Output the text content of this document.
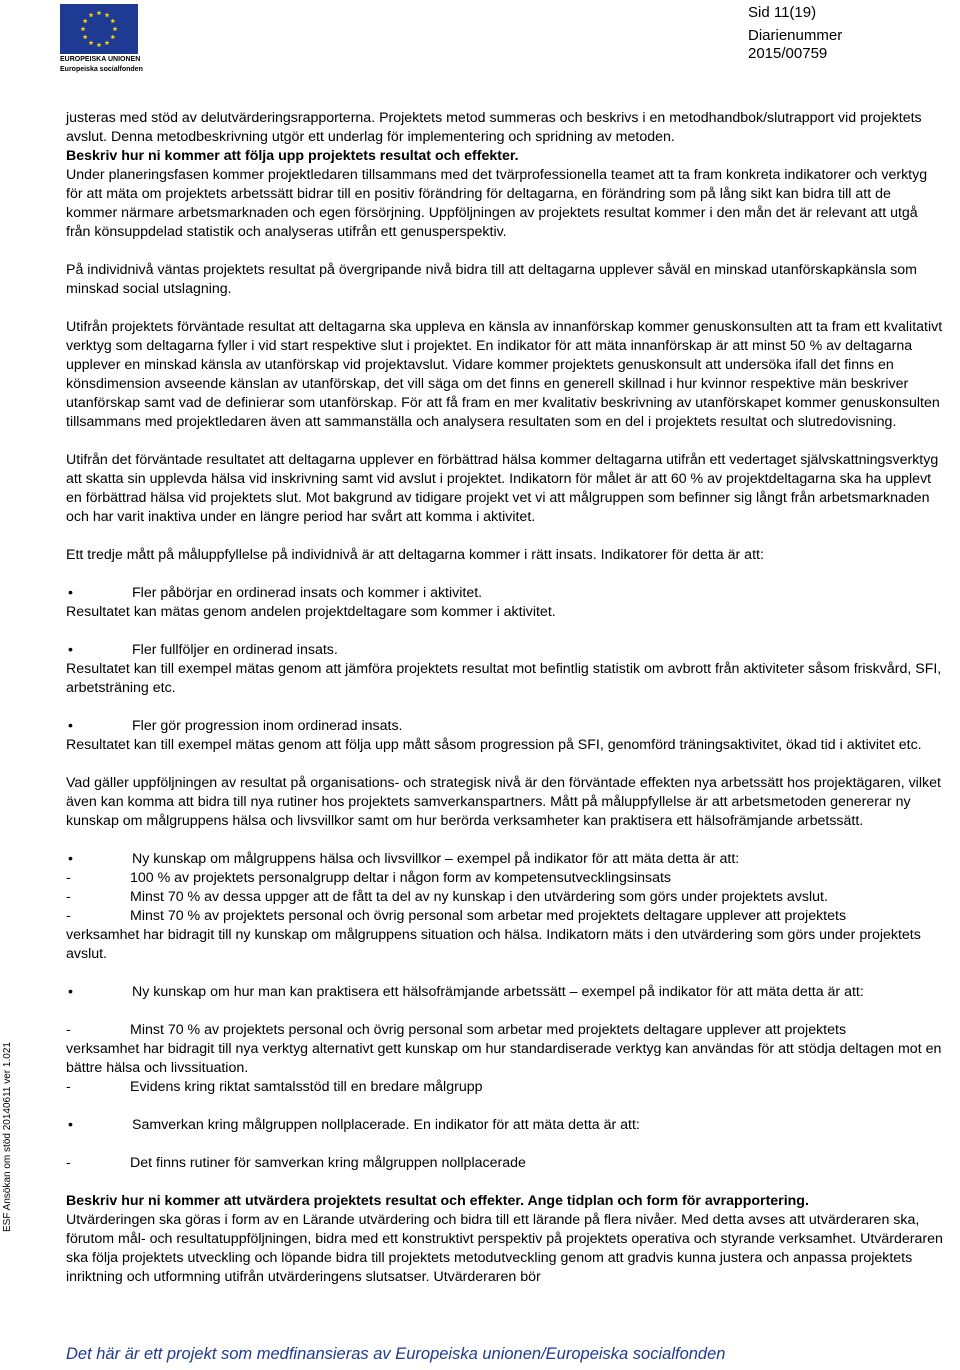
EUROPEISKA UNIONEN
Europeiska socialfonden
Sid 11(19)
Diarienummer
2015/00759
ESF Ansökan om stöd 20140611 ver 1.021

justeras med stöd av delutvärderingsrapporterna. Projektets metod summeras och beskrivs i en metodhandbok/slutrapport vid projektets avslut. Denna metodbeskrivning utgör ett underlag för implementering och spridning av metoden.

Beskriv hur ni kommer att följa upp projektets resultat och effekter.

Under planeringsfasen kommer projektledaren tillsammans med det tvärprofessionella teamet att ta fram konkreta indikatorer och verktyg för att mäta om projektets arbetssätt bidrar till en positiv förändring för deltagarna, en förändring som på lång sikt kan bidra till att de kommer närmare arbetsmarknaden och egen försörjning. Uppföljningen av projektets resultat kommer i den mån det är relevant att utgå från könsuppdelad statistik och analyseras utifrån ett genusperspektiv.

På individnivå väntas projektets resultat på övergripande nivå bidra till att deltagarna upplever såväl en minskad utanförskapkänsla som minskad social utslagning.

Utifrån projektets förväntade resultat att deltagarna ska uppleva en känsla av innanförskap kommer genuskonsulten att ta fram ett kvalitativt verktyg som deltagarna fyller i vid start respektive slut i projektet. En indikator för att mäta innanförskap är att minst 50 % av deltagarna upplever en minskad känsla av utanförskap vid projektavslut. Vidare kommer projektets genuskonsult att undersöka ifall det finns en könsdimension avseende känslan av utanförskap, det vill säga om det finns en generell skillnad i hur kvinnor respektive män beskriver utanförskap samt vad de definierar som utanförskap. För att få fram en mer kvalitativ beskrivning av utanförskapet kommer genuskonsulten tillsammans med projektledaren även att sammanställa och analysera resultaten som en del i projektets resultat och slutredovisning.

Utifrån det förväntade resultatet att deltagarna upplever en förbättrad hälsa kommer deltagarna utifrån ett vedertaget självskattningsverktyg att skatta sin upplevda hälsa vid inskrivning samt vid avslut i projektet. Indikatorn för målet är att 60 % av projektdeltagarna ska ha upplevt en förbättrad hälsa vid projektets slut. Mot bakgrund av tidigare projekt vet vi att målgruppen som befinner sig långt från arbetsmarknaden och har varit inaktiva under en längre period har svårt att komma i aktivitet.

Ett tredje mått på måluppfyllelse på individnivå är att deltagarna kommer i rätt insats. Indikatorer för detta är att:

•	Fler påbörjar en ordinerad insats och kommer i aktivitet.

Resultatet kan mätas genom andelen projektdeltagare som kommer i aktivitet.

•	Fler fullföljer en ordinerad insats.

Resultatet kan till exempel mätas genom att jämföra projektets resultat mot befintlig statistik om avbrott från aktiviteter såsom friskvård, SFI, arbetsträning etc.

•	Fler gör progression inom ordinerad insats.

Resultatet kan till exempel mätas genom att följa upp mått såsom progression på SFI, genomförd träningsaktivitet, ökad tid i aktivitet etc.

Vad gäller uppföljningen av resultat på organisations- och strategisk nivå är den förväntade effekten nya arbetssätt hos projektägaren, vilket även kan komma att bidra till nya rutiner hos projektets samverkanspartners. Mått på måluppfyllelse är att arbetsmetoden genererar ny kunskap om målgruppens hälsa och livsvillkor samt om hur berörda verksamheter kan praktisera ett hälsofrämjande arbetssätt.

•	Ny kunskap om målgruppens hälsa och livsvillkor – exempel på indikator för att mäta detta är att:
-	100 % av projektets personalgrupp deltar i någon form av kompetensutvecklingsinsats
-	Minst 70 % av dessa uppger att de fått ta del av ny kunskap i den utvärdering som görs under projektets avslut.
-	Minst 70 % av projektets personal och övrig personal som arbetar med projektets deltagare upplever att projektets

verksamhet har bidragit till ny kunskap om målgruppens situation och hälsa. Indikatorn mäts i den utvärdering som görs under projektets avslut.

•	Ny kunskap om hur man kan praktisera ett hälsofrämjande arbetssätt – exempel på indikator för att mäta detta är att:
-	Minst 70 % av projektets personal och övrig personal som arbetar med projektets deltagare upplever att projektets

verksamhet har bidragit till nya verktyg alternativt gett kunskap om hur standardiserade verktyg kan användas för att stödja deltagen mot en bättre hälsa och livssituation.

-	Evidens kring riktat samtalsstöd till en bredare målgrupp
•	Samverkan kring målgruppen nollplacerade. En indikator för att mäta detta är att:
-	Det finns rutiner för samverkan kring målgruppen nollplacerade

Beskriv hur ni kommer att utvärdera projektets resultat och effekter. Ange tidplan och form för avrapportering.

Utvärderingen ska göras i form av en Lärande utvärdering och bidra till ett lärande på flera nivåer. Med detta avses att utvärderaren ska, förutom mål- och resultatuppföljningen, bidra med ett konstruktivt perspektiv på projektets operativa och styrande verksamhet. Utvärderaren ska följa projektets utveckling och löpande bidra till projektets metodutveckling genom att gradvis kunna justera och anpassa projektets inriktning och utformning utifrån utvärderingens slutsatser. Utvärderaren bör

Det här är ett projekt som medfinansieras av Europeiska unionen/Europeiska socialfonden
